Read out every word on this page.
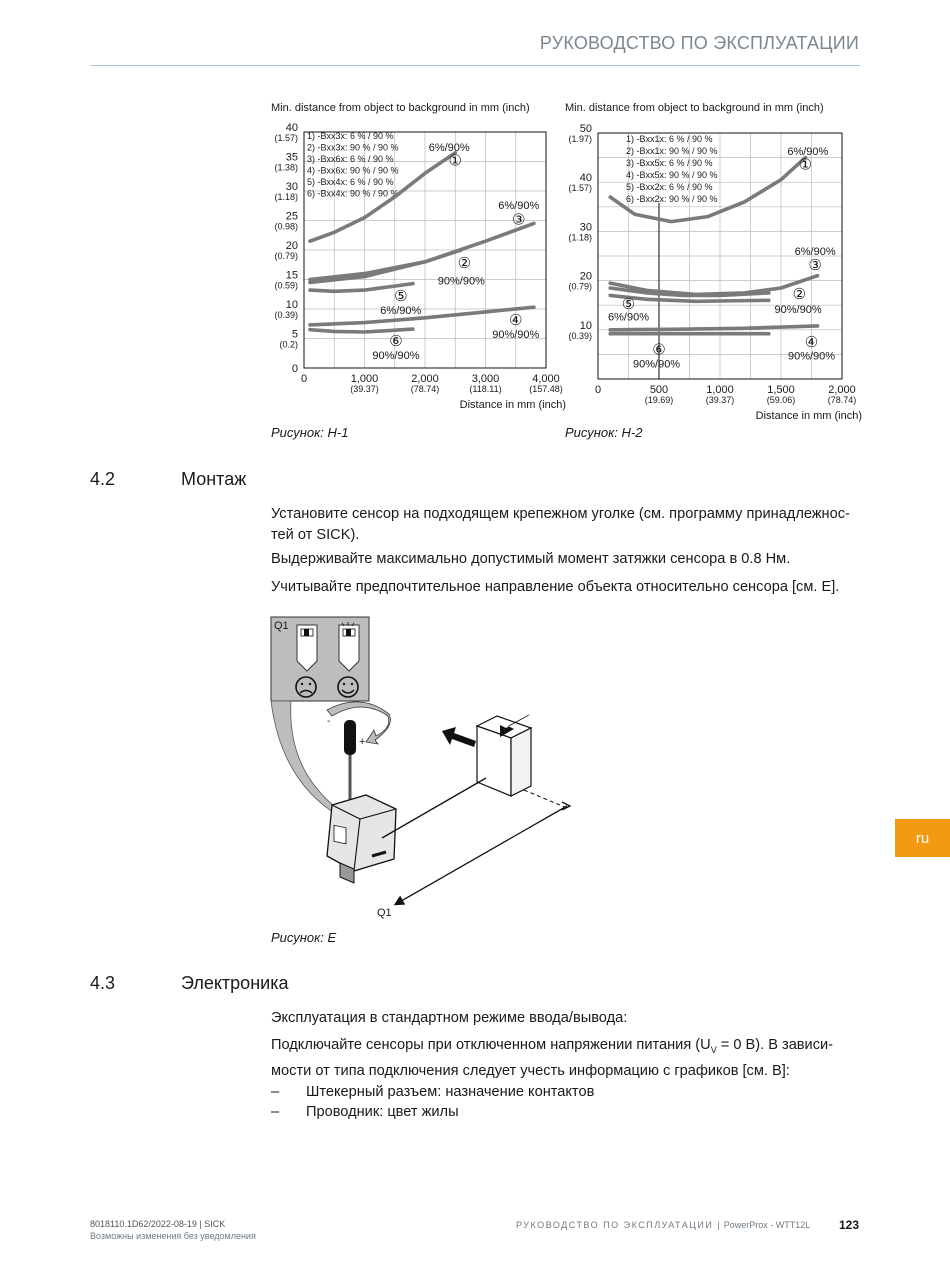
РУКОВОДСТВО ПО ЭКСПЛУАТАЦИИ
Min. distance from object to background in mm (inch)
0	1,000
(39.37)
2,000
(78.74)
3,000
(118.11)
4,000
(157.48)
0
5
(0.2)
10
(0.39)
15
(0.59)
20
(0.79)
25
(0.98)
30
(1.18)
35
(1.38)
40
(1.57)
Distance in mm (inch)
1) -Bxx3x: 6 % / 90 %
2) -Bxx3x: 90 % / 90 %
3) -Bxx6x: 6 % / 90 %
4) -Bxx6x: 90 % / 90 %
5) -Bxx4x: 6 % / 90 %
6) -Bxx4x: 90 % / 90 %
①
6%/90%
②
90%/90%
③
6%/90%
④
90%/90%
⑤
6%/90%
⑥
90%/90%
Рисунок: H-1
Min. distance from object to background in mm (inch)
0	500
(19.69)
1,000
(39.37)
1,500
(59.06)
2,000
(78.74)
10
(0.39)
20
(0.79)
30
(1.18)
40
(1.57)
50
(1.97)
Distance in mm (inch)
1) -Bxx1x: 6 % / 90 %
2) -Bxx1x: 90 % / 90 %
3) -Bxx5x: 6 % / 90 %
4) -Bxx5x: 90 % / 90 %
5) -Bxx2x: 6 % / 90 %
6) -Bxx2x: 90 % / 90 %
①
6%/90%
②
90%/90%
③
6%/90%
④
90%/90%
⑤
6%/90%
⑥
90%/90%
Рисунок: H-2
4.2	Монтаж

Установите сенсор на подходящем крепежном уголке (см. программу принадлежнос-тей от SICK).

Выдерживайте максимально допустимый момент затяжки сенсора в 0.8 Нм.

Учитывайте предпочтительное направление объекта относительно сенсора [см. E].

Q1
-
+
Q1
Рисунок: E
4.3	Электроника

Эксплуатация в стандартном режиме ввода/вывода:

Подключайте сенсоры при отключенном напряжении питания ($U_V = 0$ В). В зависи-
мости от типа подключения следует учесть информацию с графиков [см. B]:

– Штекерный разъем: назначение контактов
– Проводник: цвет жилы
ru
8018110.1D62/2022-08-19 | SICK
Возможны изменения без уведомления
РУКОВОДСТВО ПО ЭКСПЛУАТАЦИИ | PowerProx - WTT12L 123
